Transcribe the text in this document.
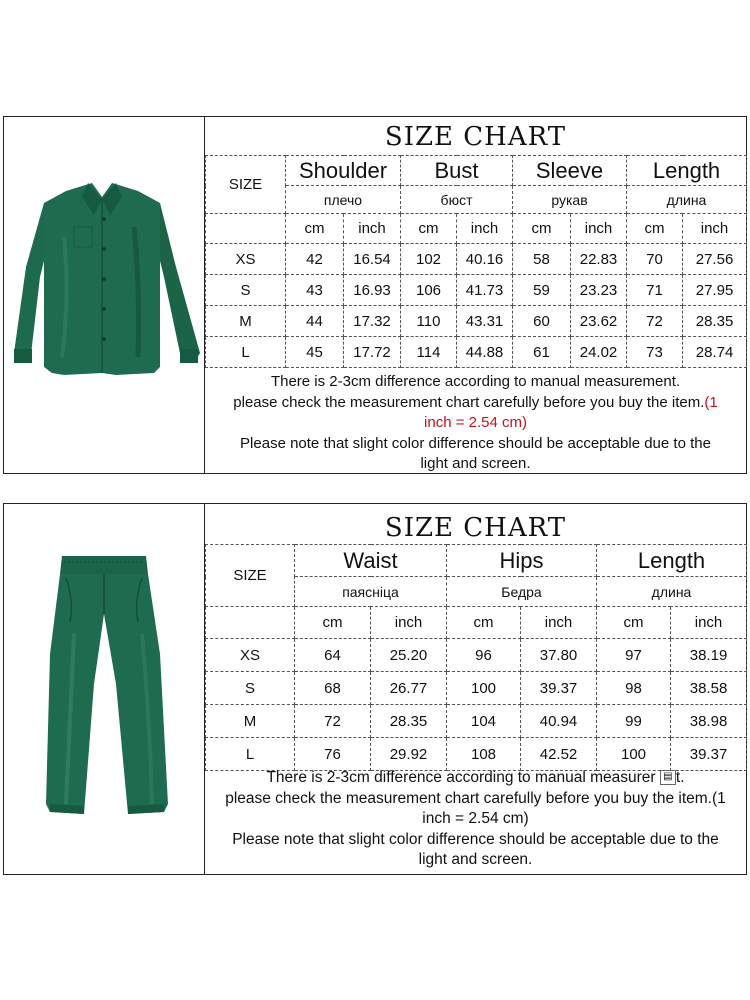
SIZE CHART
SIZE	Shoulder		Bust		Sleeve		Length	
	плечо		бюст		рукав		длина	
	cm	inch	cm	inch	cm	inch	cm	inch
XS	42	16.54	102	40.16	58	22.83	70	27.56
S	43	16.93	106	41.73	59	23.23	71	27.95
M	44	17.32	110	43.31	60	23.62	72	28.35
L	45	17.72	114	44.88	61	24.02	73	28.74
There is 2-3cm difference according to manual measurement.
please check the measurement chart carefully before you buy the item.(1
inch = 2.54 cm)
Please note that slight color difference should be acceptable due to the
light and screen.
SIZE CHART
SIZE	Waist		Hips		Length	
	паясніца		Бедра		длина	
	cm	inch	cm	inch	cm	inch
XS	64	25.20	96	37.80	97	38.19
S	68	26.77	100	39.37	98	38.58
M	72	28.35	104	40.94	99	38.98
L	76	29.92	108	42.52	100	39.37
There is 2-3cm difference according to manual measurer ▤ t.
please check the measurement chart carefully before you buy the item.(1
inch = 2.54 cm)
Please note that slight color difference should be acceptable due to the
light and screen.
